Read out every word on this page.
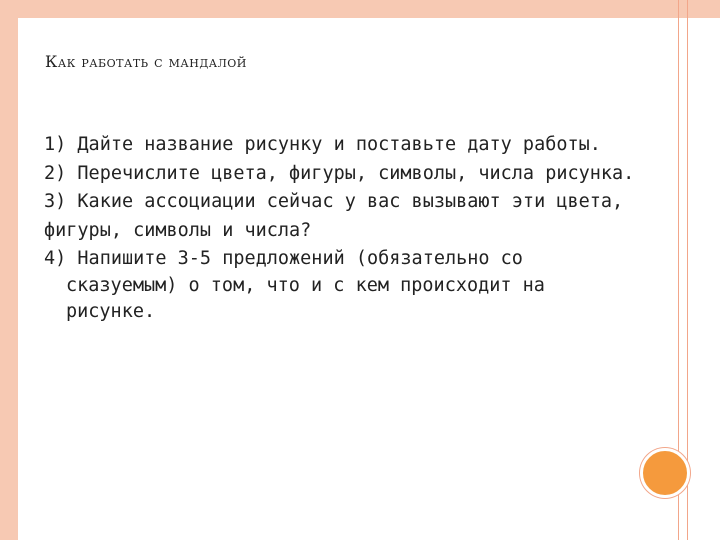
Как работать с мандалой
1) Дайте название рисунку и поставьте дату работы.
2) Перечислите цвета, фигуры, символы, числа рисунка.
3) Какие ассоциации сейчас у вас вызывают эти цвета,
фигуры, символы и числа?
4) Напишите 3-5 предложений (обязательно со сказуемым) о том, что и с кем происходит на рисунке.
